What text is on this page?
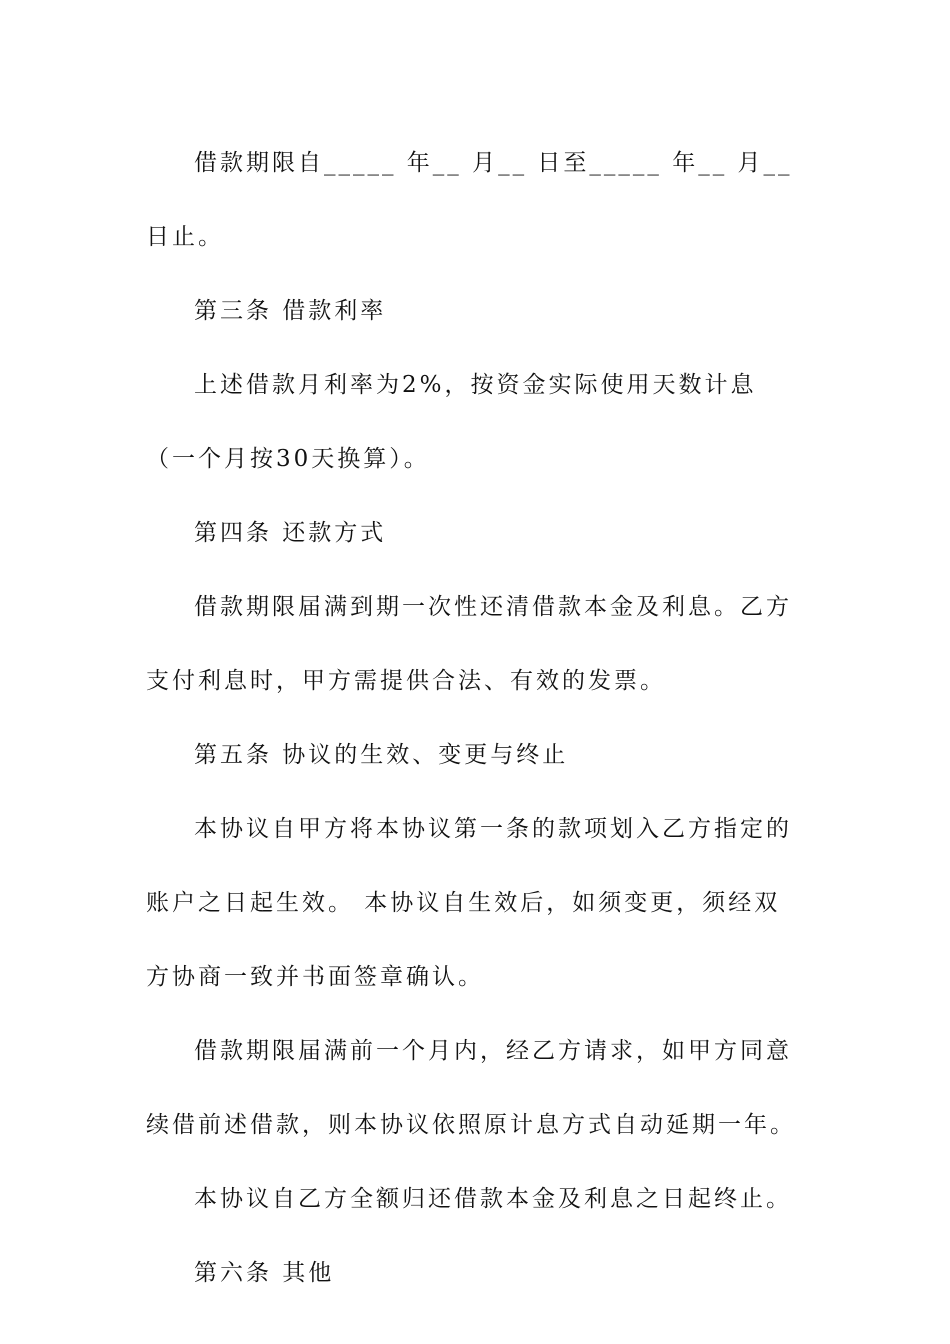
借款期限自_____ 年__ 月__ 日至_____ 年__ 月__ 日止。

第三条 借款利率

上述借款月利率为2%，按资金实际使用天数计息（一个月按30天换算）。

第四条 还款方式

借款期限届满到期一次性还清借款本金及利息。乙方支付利息时，甲方需提供合法、有效的发票。

第五条 协议的生效、变更与终止

本协议自甲方将本协议第一条的款项划入乙方指定的账户之日起生效。 本协议自生效后，如须变更，须经双方协商一致并书面签章确认。

借款期限届满前一个月内，经乙方请求，如甲方同意续借前述借款，则本协议依照原计息方式自动延期一年。

本协议自乙方全额归还借款本金及利息之日起终止。

第六条 其他
